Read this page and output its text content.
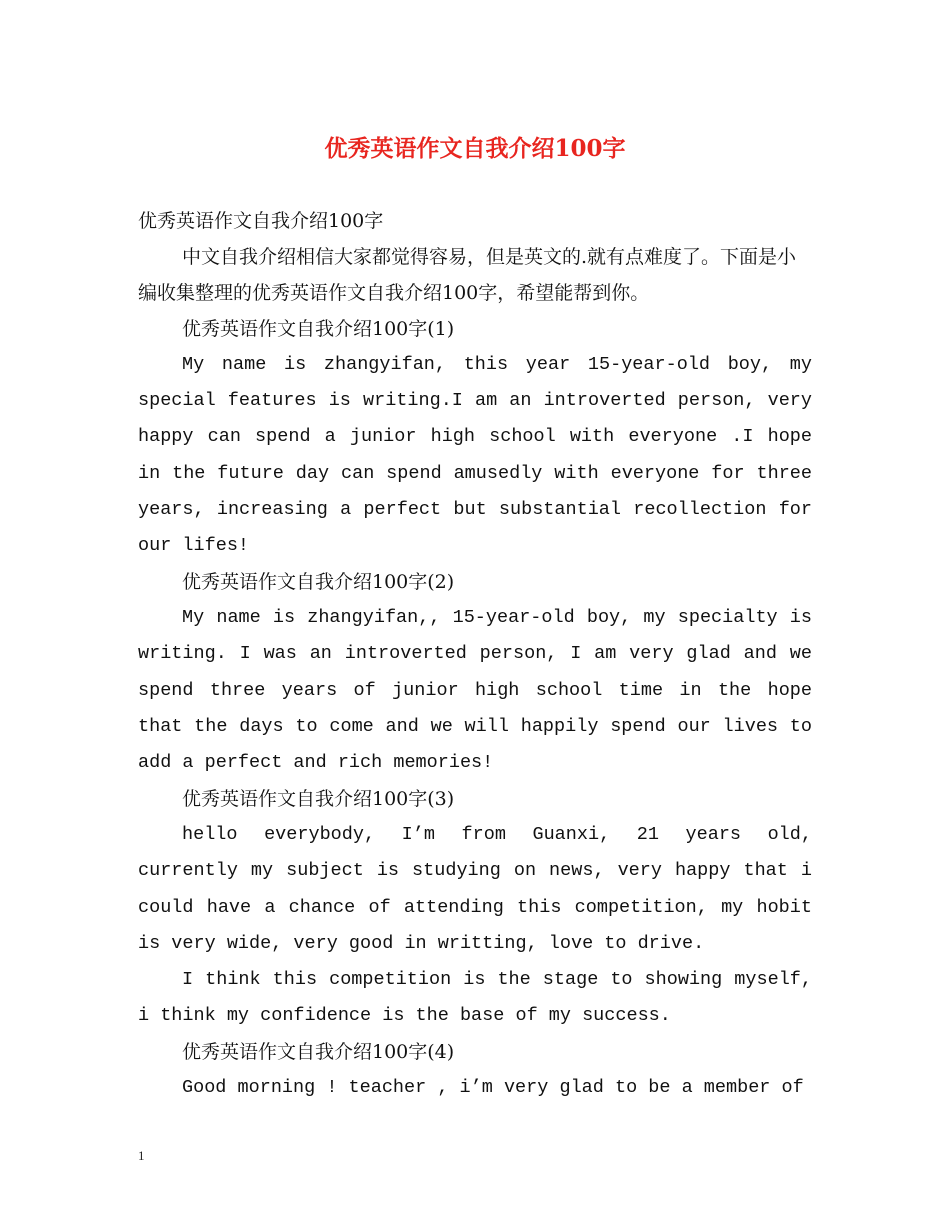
优秀英语作文自我介绍100字
优秀英语作文自我介绍100字
中文自我介绍相信大家都觉得容易，但是英文的.就有点难度了。下面是小编收集整理的优秀英语作文自我介绍100字，希望能帮到你。
优秀英语作文自我介绍100字(1)
My name is zhangyifan, this year 15-year-old boy, my special features is writing.I am an introverted person, very happy can spend a junior high school with everyone .I hope in the future day can spend amusedly with everyone for three years, increasing a perfect but substantial recollection for our lifes!
优秀英语作文自我介绍100字(2)
My name is zhangyifan,, 15-year-old boy, my specialty is writing. I was an introverted person, I am very glad and we spend three years of junior high school time in the hope that the days to come and we will happily spend our lives to add a perfect and rich memories!
优秀英语作文自我介绍100字(3)
hello everybody, I’m from Guanxi, 21 years old, currently my subject is studying on news, very happy that i could have a chance of attending this competition, my hobit is very wide, very good in writting, love to drive.
I think this competition is the stage to showing myself, i think my confidence is the base of my success.
优秀英语作文自我介绍100字(4)
Good morning ! teacher , i’m very glad to be a member of
1
